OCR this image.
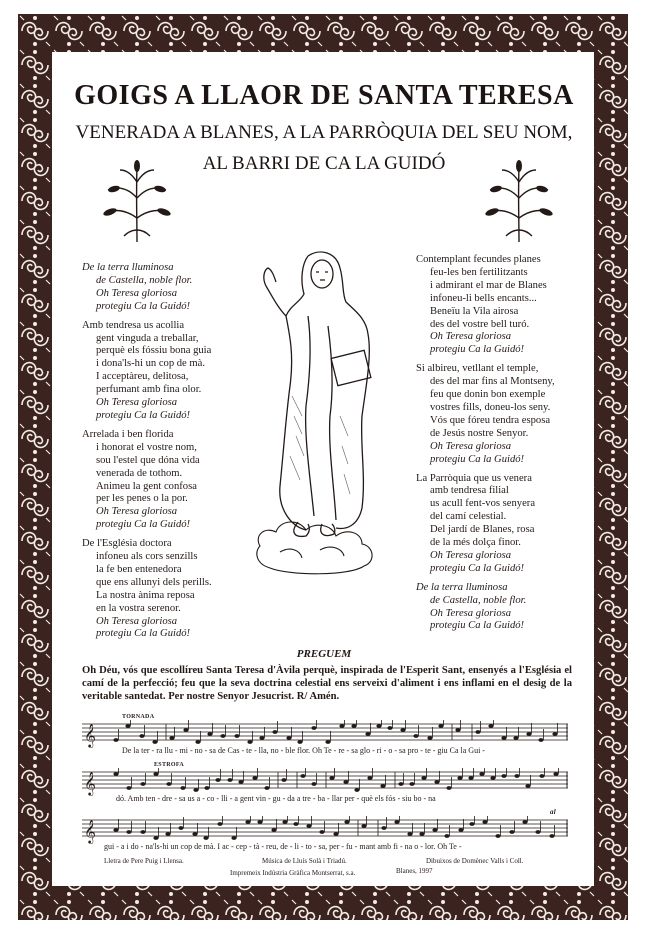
GOIGS A LLAOR DE SANTA TERESA
VENERADA A BLANES, A LA PARRÒQUIA DEL SEU NOM,
AL BARRI DE CA LA GUIDÓ

De la terra lluminosa
de Castella, noble flor.
Oh Teresa gloriosa
protegiu Ca la Guidó!

Amb tendresa us acollia
gent vinguda a treballar,
perquè els fóssiu bona guia
i dona'ls-hi un cop de mà.
I acceptàreu, delitosa,
perfumant amb fina olor.
Oh Teresa gloriosa
protegiu Ca la Guidó!

Arrelada i ben florida
i honorat el vostre nom,
sou l'estel que dóna vida
venerada de tothom.
Animeu la gent confosa
per les penes o la por.
Oh Teresa gloriosa
protegiu Ca la Guidó!

De l'Església doctora
infoneu als cors senzills
la fe ben entenedora
que ens allunyi dels perills.
La nostra ànima reposa
en la vostra serenor.
Oh Teresa gloriosa
protegiu Ca la Guidó!

Contemplant fecundes planes
feu-les ben fertilitzants
i admirant el mar de Blanes
infoneu-li bells encants...
Beneïu la Vila airosa
des del vostre bell turó.
Oh Teresa gloriosa
protegiu Ca la Guidó!

Si albireu, vetllant el temple,
des del mar fins al Montseny,
feu que donin bon exemple
vostres fills, doneu-los seny.
Vós que fóreu tendra esposa
de Jesús nostre Senyor.
Oh Teresa gloriosa
protegiu Ca la Guidó!

La Parròquia que us venera
amb tendresa filial
us acull fent-vos senyera
del camí celestial.
Del jardí de Blanes, rosa
de la més dolça finor.
Oh Teresa gloriosa
protegiu Ca la Guidó!

De la terra lluminosa
de Castella, noble flor.
Oh Teresa gloriosa
protegiu Ca la Guidó!

PREGUEM
Oh Déu, vós que escollíreu Santa Teresa d'Àvila perquè, inspirada de l'Esperit Sant, ensenyés a l'Església el camí de la perfecció; feu que la seva doctrina celestial ens serveixi d'aliment i ens inflami en el desig de la veritable santedat. Per nostre Senyor Jesucrist. R/ Amén.
TORNADA
𝄞
De la ter - ra llu - mi - no - sa de Cas - te - lla, no - ble flor. Oh Te - re - sa glo - ri - o - sa pro - te - giu Ca la Gui -
ESTROFA
𝄞
dó. Amb ten - dre - sa us a - co - lli - a gent vin - gu - da a tre - ba - llar per - què els fós - siu bo - na
al
𝄞
gui - a i do - na'ls-hi un cop de mà. I ac - cep - tà - reu, de - li - to - sa, per - fu - mant amb fi - na o - lor. Oh Te -
Lletra de Pere Puig i Llensa.	Música de Lluís Solà i Triadú.	Dibuixos de Domènec Valls i Coll.
Impremeix Indústria Gràfica Montserrat, s.a.	Blanes, 1997
